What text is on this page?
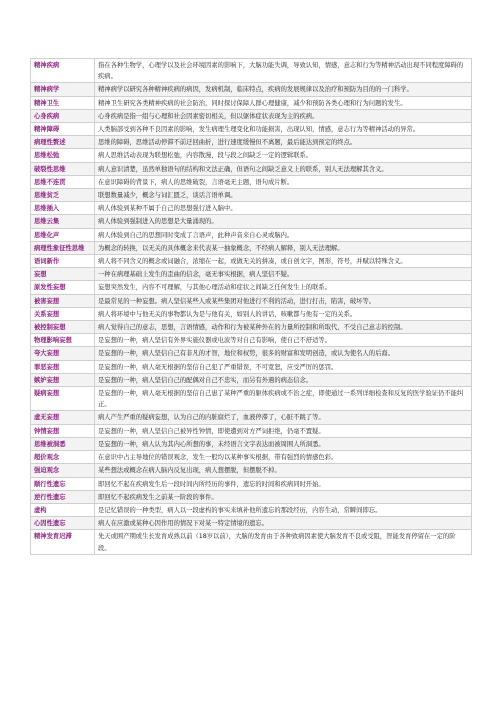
精神疾病	指在各种生物学，心理学以及社会环境因素的影响下，大脑功能失调，导致认知，情感，意志和行为等精神活动出现不同程度障碍的疾病。
精神病学	精神病学以研究各种精神疾病的病因，发病机制，临床特点，疾病的发展规律以及治疗和预防为目的的一门科学。
精神卫生	精神卫生研究各类精神疾病的社会防治，同时探讨保障人群心理健康，减少和预防各类心理和行为问题的发生。
心身疾病	心身疾病是指一组与心理和社会因素密切相关，但以躯体症状表现为主的疾病。
精神障碍	人类脑部受到各种不良因素的影响，发生病理生理变化和功能损害，出现认知，情感，意志行为等精神活动的异常。
病理性赘述	思维的障碍，思维活动停滞不前迂回曲折，进行速度缓慢但不离题，最后能达到预定的终点。
思维松弛	病人思维活动表现为联想松弛，内容散漫，段与段之间缺乏一定的逻辑联系。
破裂性思维	病人意识清楚，虽然单独语句的结构和文法正确，但语句之间缺乏意义上的联系，别人无法理解其含义。
思维不连贯	在意识障碍的背景下，病人的思维破裂，言语毫无主题，语句成片断。
思维贫乏	联想数量减少，概念与词汇匮乏，谈话言语单调。
思维插入	病人体验到某种不属于自己的思想强行进入脑中。
思维云集	病人体验到强制进入的思想是大量涌现的。
思维化声	病人体验到自己的思想同时变成了言语声，此种声音来自心灵或脑内。
病理性象征性思维	为概念的转换，以无关的具体概念来代表某一抽象概念，不经病人解释，别人无法理解。
语词新作	病人将不同含义的概念或词融合，浓缩在一起，或做无关的拼凑，或自创文字，图形，符号，并赋以特殊含义。
妄想	一种在病理基础上发生的歪曲的信念，毫无事实根据，病人坚信不疑。
原发性妄想	妄想突然发生，内容不可理解，与其他心理活动和症状之间缺乏任何发生上的联系。
被害妄想	是最常见的一种妄想。病人坚信某些人或某些集团对他进行不利的活动，进行打击，陷害，破坏等。
关系妄想	病人将环境中与他无关的事物都认为是与他有关，如别人的讲话，咳嗽都与他有一定的关系。
被控制妄想	病人觉得自己的意志，思想，言语情感，动作和行为被某种外在的力量所控制和所取代，不受自己意志的控制。
物理影响妄想	是妄想的一种，病人坚信有外界实施仪器或电波等对自己有影响，使自己不舒适等。
夸大妄想	是妄想的一种，病人坚信自己有非凡的才智，地位和权势，很多的财富和发明创造，或认为使名人的后裔。
罪恶妄想	是妄想的一种，病人毫无根据的坚信自己犯了严重错误，不可宽恕，应受严厉的惩罚。
嫉妒妄想	是妄想的一种，病人坚信自己的配偶对自己不忠实，而另有外遇的病态信念。
疑病妄想	是妄想的一种，病人毫无根据的坚信自己患了某种严重的躯体疾病或不治之症，即使通过一系列详细检查和反复的医学验证仍不能纠正。
虚无妄想	病人产生严重的疑病妄想，认为自己的内脏腐烂了，血液停滞了，心脏不跳了等。
钟情妄想	是妄想的一种，病人坚信自己被异性钟情，即使遭到对方严词拒绝，仍毫不置疑。
思维被洞悉	是妄想的一种，病人认为其内心所想的事，未经语言文字表达而被周围人所洞悉。
超价观念	在意识中占主导地位的错误观念，发生一般均以某种事实根据，带有强烈的情感色彩。
强迫观念	某些想法或概念在病人脑内反复出现，病人想摆脱，但摆脱不掉。
顺行性遗忘	即回忆不起在疾病发生后一段时间内所经历的事件，遗忘的时间和疾病同时开始。
逆行性遗忘	即回忆不起疾病发生之前某一阶段的事件。
虚构	是记忆错误的一种类型，病人以一段虚构的事实来填补他所遗忘的那段经历，内容生动，常瞬间即忘。
心因性遗忘	病人在应激或某种心因作用的情况下对某一特定情境的遗忘。
精神发育迟滞	先天或围产期或生长发育成熟以前（18岁以前），大脑的发育由于各种致病因素使大脑发育不良或受阻，智能发育停留在一定的阶段。
